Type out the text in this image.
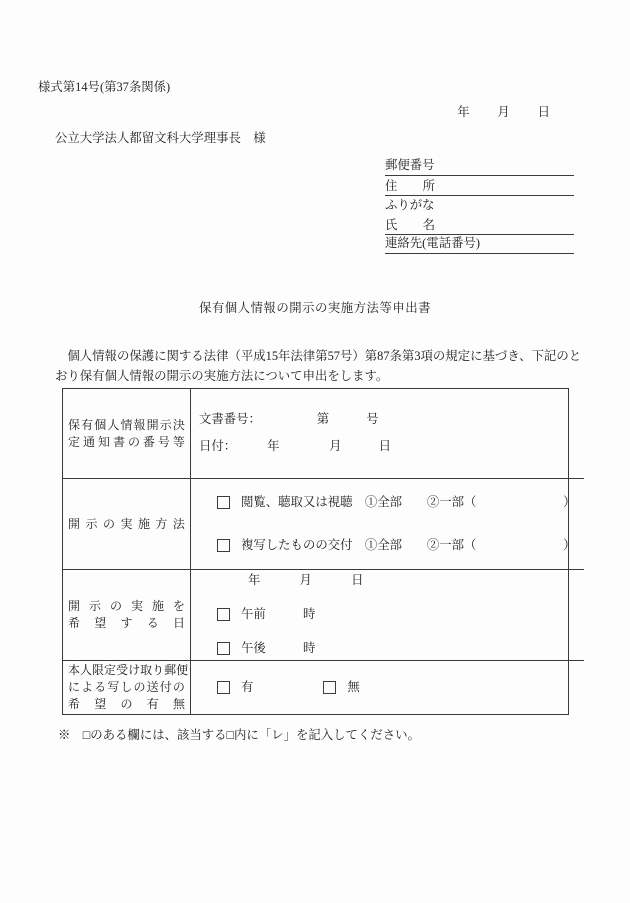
様式第14号(第37条関係)
年　　月　　日
公立大学法人都留文科大学理事長　様
郵便番号
住 所
ふりがな
氏 名
連絡先(電話番号)
保有個人情報の開示の実施方法等申出書
個人情報の保護に関する法律（平成15年法律第57号）第87条第3項の規定に基づき、下記のと
おり保有個人情報の開示の実施方法について申出をします。
保 有 個 人 情 報 開 示 決
定 通 知 書 の 番 号 等
文書番号：　　　　　第　　　号
日付：　　　年　　　　月　　　日
開 示 の 実 施 方 法
閲覧、聴取又は視聴　①全部　　②一部（　　　　　　　）
複写したものの交付　①全部　　②一部（　　　　　　　）
開 示 の 実 施 を
希 望 す る 日
年　　　月　　　日
午前　　　時
午後　　　時
本 人 限 定 受 け 取 り 郵 便
に よ る 写 し の 送 付 の
希 望 の 有 無
有	無
※　□のある欄には、該当する□内に「レ」を記入してください。
